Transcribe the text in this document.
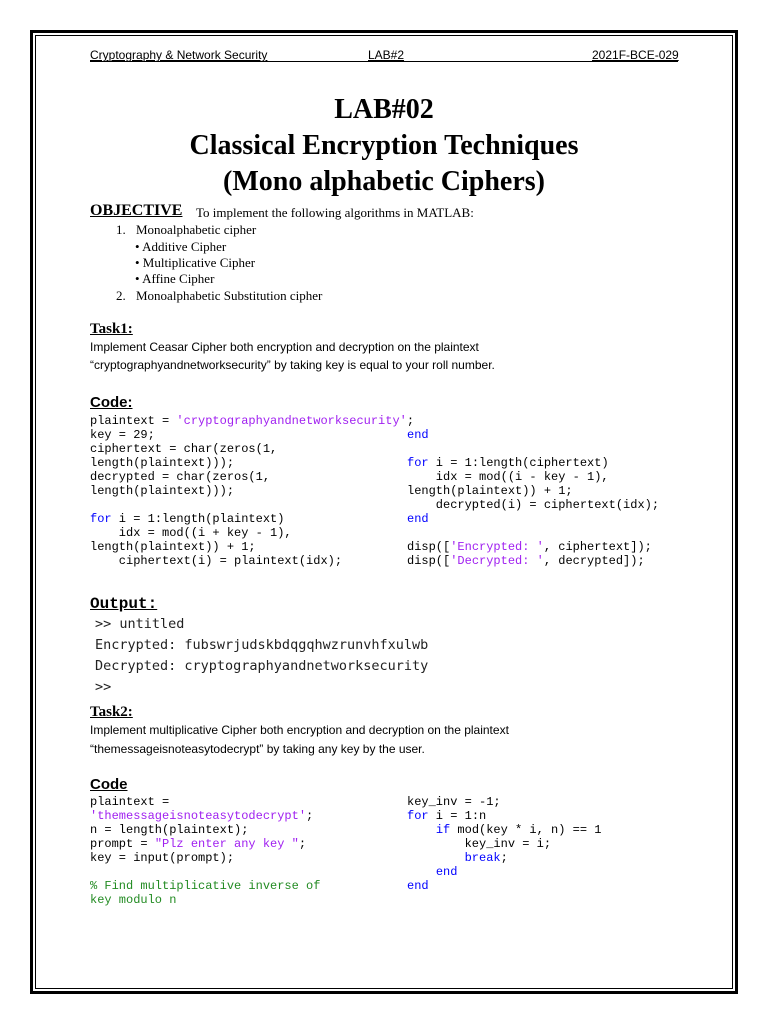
Cryptography & Network Security	LAB#2	2021F-BCE-029
LAB#02
Classical Encryption Techniques
(Mono alphabetic Ciphers)
OBJECTIVE To implement the following algorithms in MATLAB:
1. Monoalphabetic cipher
• Additive Cipher
• Multiplicative Cipher
• Affine Cipher
2. Monoalphabetic Substitution cipher
Task1:
Implement Ceasar Cipher both encryption and decryption on the plaintext
“cryptographyandnetworksecurity” by taking key is equal to your roll number.
Code:
plaintext = 'cryptographyandnetworksecurity';
key = 29;
ciphertext = char(zeros(1,
length(plaintext)));
decrypted = char(zeros(1,
length(plaintext)));
for i = 1:length(plaintext)
idx = mod((i + key - 1),
length(plaintext)) + 1;
ciphertext(i) = plaintext(idx);
end
for i = 1:length(ciphertext)
idx = mod((i - key - 1),
length(plaintext)) + 1;
decrypted(i) = ciphertext(idx);
end
disp(['Encrypted: ', ciphertext]);
disp(['Decrypted: ', decrypted]);
Output:
>> untitled
Encrypted: fubswrjudskbdqgqhwzrunvhfxulwb
Decrypted: cryptographyandnetworksecurity
>>
Task2:
Implement multiplicative Cipher both encryption and decryption on the plaintext
“themessageisnoteasytodecrypt” by taking any key by the user.
Code
plaintext =
'themessageisnoteasytodecrypt';
n = length(plaintext);
prompt = "Plz enter any key ";
key = input(prompt);
% Find multiplicative inverse of
key modulo n
key_inv = -1;
for i = 1:n
if mod(key * i, n) == 1
key_inv = i;
break;
end
end
